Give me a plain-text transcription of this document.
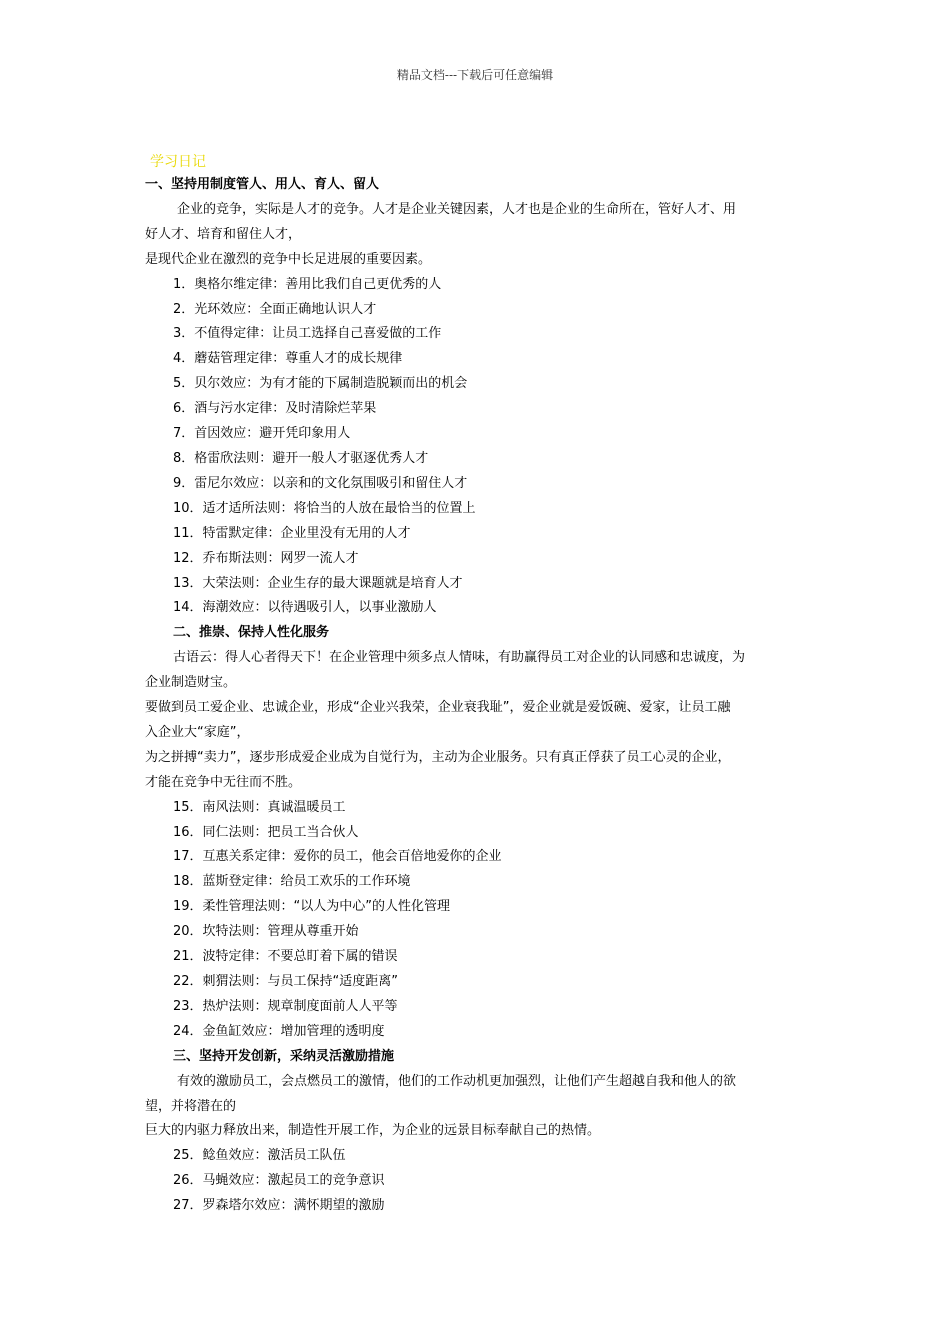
精品文档---下载后可任意编辑
学习日记
一、坚持用制度管人、用人、育人、留人
企业的竞争，实际是人才的竞争。人才是企业关键因素，人才也是企业的生命所在，管好人才、用
好人才、培育和留住人才，
是现代企业在激烈的竞争中长足进展的重要因素。
1．奥格尔维定律：善用比我们自己更优秀的人
2．光环效应：全面正确地认识人才
3．不值得定律：让员工选择自己喜爱做的工作
4．蘑菇管理定律：尊重人才的成长规律
5．贝尔效应：为有才能的下属制造脱颖而出的机会
6．酒与污水定律：及时清除烂苹果
7．首因效应：避开凭印象用人
8．格雷欣法则：避开一般人才驱逐优秀人才
9．雷尼尔效应：以亲和的文化氛围吸引和留住人才
10．适才适所法则：将恰当的人放在最恰当的位置上
11．特雷默定律：企业里没有无用的人才
12．乔布斯法则：网罗一流人才
13．大荣法则：企业生存的最大课题就是培育人才
14．海潮效应：以待遇吸引人，以事业激励人
二、推崇、保持人性化服务
古语云：得人心者得天下！在企业管理中须多点人情味，有助赢得员工对企业的认同感和忠诚度，为
企业制造财宝。
要做到员工爱企业、忠诚企业，形成“企业兴我荣，企业衰我耻”，爱企业就是爱饭碗、爱家，让员工融
入企业大“家庭”，
为之拼搏“卖力”，逐步形成爱企业成为自觉行为，主动为企业服务。只有真正俘获了员工心灵的企业，
才能在竞争中无往而不胜。
15．南风法则：真诚温暖员工
16．同仁法则：把员工当合伙人
17．互惠关系定律：爱你的员工，他会百倍地爱你的企业
18．蓝斯登定律：给员工欢乐的工作环境
19．柔性管理法则：“以人为中心”的人性化管理
20．坎特法则：管理从尊重开始
21．波特定律：不要总盯着下属的错误
22．刺猬法则：与员工保持“适度距离”
23．热炉法则：规章制度面前人人平等
24．金鱼缸效应：增加管理的透明度
三、坚持开发创新，采纳灵活激励措施
有效的激励员工，会点燃员工的激情，他们的工作动机更加强烈，让他们产生超越自我和他人的欲
望，并将潜在的
巨大的内驱力释放出来，制造性开展工作，为企业的远景目标奉献自己的热情。
25．鲶鱼效应：激活员工队伍
26．马蝇效应：激起员工的竞争意识
27．罗森塔尔效应：满怀期望的激励
